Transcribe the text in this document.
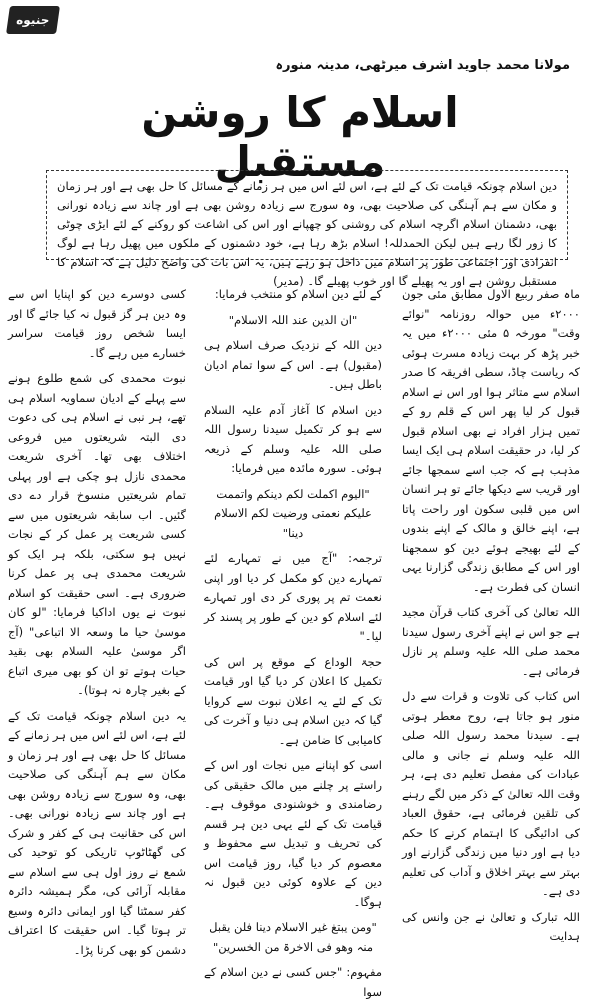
جنیوه
مولانا محمد جاوید اشرف میرٹھی، مدینہ منورہ
اسلام کا روشن مستقبل

دین اسلام چونکہ قیامت تک کے لئے ہے، اس لئے اس میں ہر زمانے کے مسائل کا حل بھی ہے اور ہر زمان و مکان سے ہم آہنگی کی صلاحیت بھی، وہ سورج سے زیادہ روشن بھی ہے اور چاند سے زیادہ نورانی بھی، دشمنان اسلام اگرچہ اسلام کی روشنی کو چھپانے اور اس کی اشاعت کو روکنے کے لئے ایڑی چوٹی کا زور لگا رہے ہیں لیکن الحمدللہ! اسلام بڑھ رہا ہے، خود دشمنوں کے ملکوں میں پھیل رہا ہے لوگ انفرادی اور اجتماعی طور پر اسلام میں داخل ہو رہے ہیں، یہ اس بات کی واضح دلیل ہے کہ اسلام کا مستقبل روشن ہے اور یہ پھیلے گا اور خوب پھیلے گا۔ (مدیر)

ماہ صفر ربیع الاول مطابق مئی جون ۲۰۰۰ء میں حوالہ روزنامہ "نوائے وقت" مورخہ ۵ مئی ۲۰۰۰ء میں یہ خبر پڑھ کر بہت زیادہ مسرت ہوئی کہ ریاست چاڈ، سطی افریقہ کا صدر اسلام سے متاثر ہوا اور اس نے اسلام قبول کر لیا پھر اس کے قلم رو کے تمیں ہزار افراد نے بھی اسلام قبول کر لیا، در حقیقت اسلام ہی ایک ایسا مذہب ہے کہ جب اسے سمجھا جائے اور قریب سے دیکھا جائے تو ہر انسان اس میں قلبی سکون اور راحت پاتا ہے، اپنے خالق و مالک کے اپنے بندوں کے لئے بھیجے ہوئے دین کو سمجھنا اور اس کے مطابق زندگی گزارنا یہی انسان کی فطرت ہے۔

اللہ تعالیٰ کی آخری کتاب قرآن مجید ہے جو اس نے اپنے آخری رسول سیدنا محمد صلی اللہ علیہ وسلم پر نازل فرمائی ہے۔

اس کتاب کی تلاوت و قرات سے دل منور ہو جاتا ہے، روح معطر ہوتی ہے۔ سیدنا محمد رسول اللہ صلی اللہ علیہ وسلم نے جانی و مالی عبادات کی مفصل تعلیم دی ہے، ہر وقت اللہ تعالیٰ کے ذکر میں لگے رہنے کی تلقین فرمائی ہے، حقوق العباد کی ادائیگی کا اہتمام کرنے کا حکم دیا ہے اور دنیا میں زندگی گزارنے اور بہتر سے بہتر اخلاق و آداب کی تعلیم دی ہے۔

اللہ تبارک و تعالیٰ نے جن وانس کی ہدایت

کے لئے دین اسلام کو منتخب فرمایا:

"ان الدین عند اللہ الاسلام"

دین اللہ کے نزدیک صرف اسلام ہی (مقبول) ہے۔ اس کے سوا تمام ادیان باطل ہیں۔

دین اسلام کا آغاز آدم علیہ السلام سے ہو کر تکمیل سیدنا رسول اللہ صلی اللہ علیہ وسلم کے ذریعہ ہوئی۔ سورہ مائدہ میں فرمایا:

"الیوم اکملت لکم دینکم واتممت علیکم نعمتی ورضیت لکم الاسلام دینا"

ترجمہ: "آج میں نے تمہارے لئے تمہارے دین کو مکمل کر دیا اور اپنی نعمت تم پر پوری کر دی اور تمہارے لئے اسلام کو دین کے طور پر پسند کر لیا۔"

حجۃ الوداع کے موقع پر اس کی تکمیل کا اعلان کر دیا گیا اور قیامت تک کے لئے یہ اعلان نبوت سے کروایا گیا کہ دین اسلام ہی دنیا و آخرت کی کامیابی کا ضامن ہے۔

اسی کو اپنانے میں نجات اور اس کے راستے پر چلنے میں مالک حقیقی کی رضامندی و خوشنودی موقوف ہے۔ قیامت تک کے لئے یہی دین ہر قسم کی تحریف و تبدیل سے محفوظ و معصوم کر دیا گیا، روز قیامت اس دین کے علاوہ کوئی دین قبول نہ ہوگا۔

"ومن یبتغ غیر الاسلام دینا فلن یقبل منہ وھو فی الاخرۃ من الخسرین"

مفہوم: "جس کسی نے دین اسلام کے سوا

کسی دوسرے دین کو اپنایا اس سے وہ دین ہر گز قبول نہ کیا جائے گا اور ایسا شخص روز قیامت سراسر خسارے میں رہے گا۔

نبوت محمدی کی شمع طلوع ہونے سے پہلے کے ادیان سماویہ اسلام ہی تھے، ہر نبی نے اسلام ہی کی دعوت دی البتہ شریعتوں میں فروعی اختلاف بھی تھا۔ آخری شریعت محمدی نازل ہو چکی ہے اور پہلی تمام شریعتیں منسوخ قرار دے دی گئیں۔ اب سابقہ شریعتوں میں سے کسی شریعت پر عمل کر کے نجات نہیں ہو سکتی، بلکہ ہر ایک کو شریعت محمدی ہی پر عمل کرنا ضروری ہے۔ اسی حقیقت کو اسلام نبوت نے یوں اداکیا فرمایا: "لو کان موسیٰ حیا ما وسعہ الا اتباعی" (آج اگر موسیٰ علیہ السلام بھی بقید حیات ہوتے تو ان کو بھی میری اتباع کے بغیر چارہ نہ ہوتا)۔

یہ دین اسلام چونکہ قیامت تک کے لئے ہے، اس لئے اس میں ہر زمانے کے مسائل کا حل بھی ہے اور ہر زمان و مکان سے ہم آہنگی کی صلاحیت بھی، وہ سورج سے زیادہ روشن بھی ہے اور چاند سے زیادہ نورانی بھی۔ اس کی حقانیت ہی کے کفر و شرک کی گھٹاٹوپ تاریکی کو توحید کی شمع نے روز اول ہی سے اسلام سے مقابلہ آرائی کی، مگر ہمیشہ دائرہ کفر سمٹتا گیا اور ایمانی دائرہ وسیع تر ہوتا گیا۔ اس حقیقت کا اعتراف دشمن کو بھی کرنا پڑا۔
